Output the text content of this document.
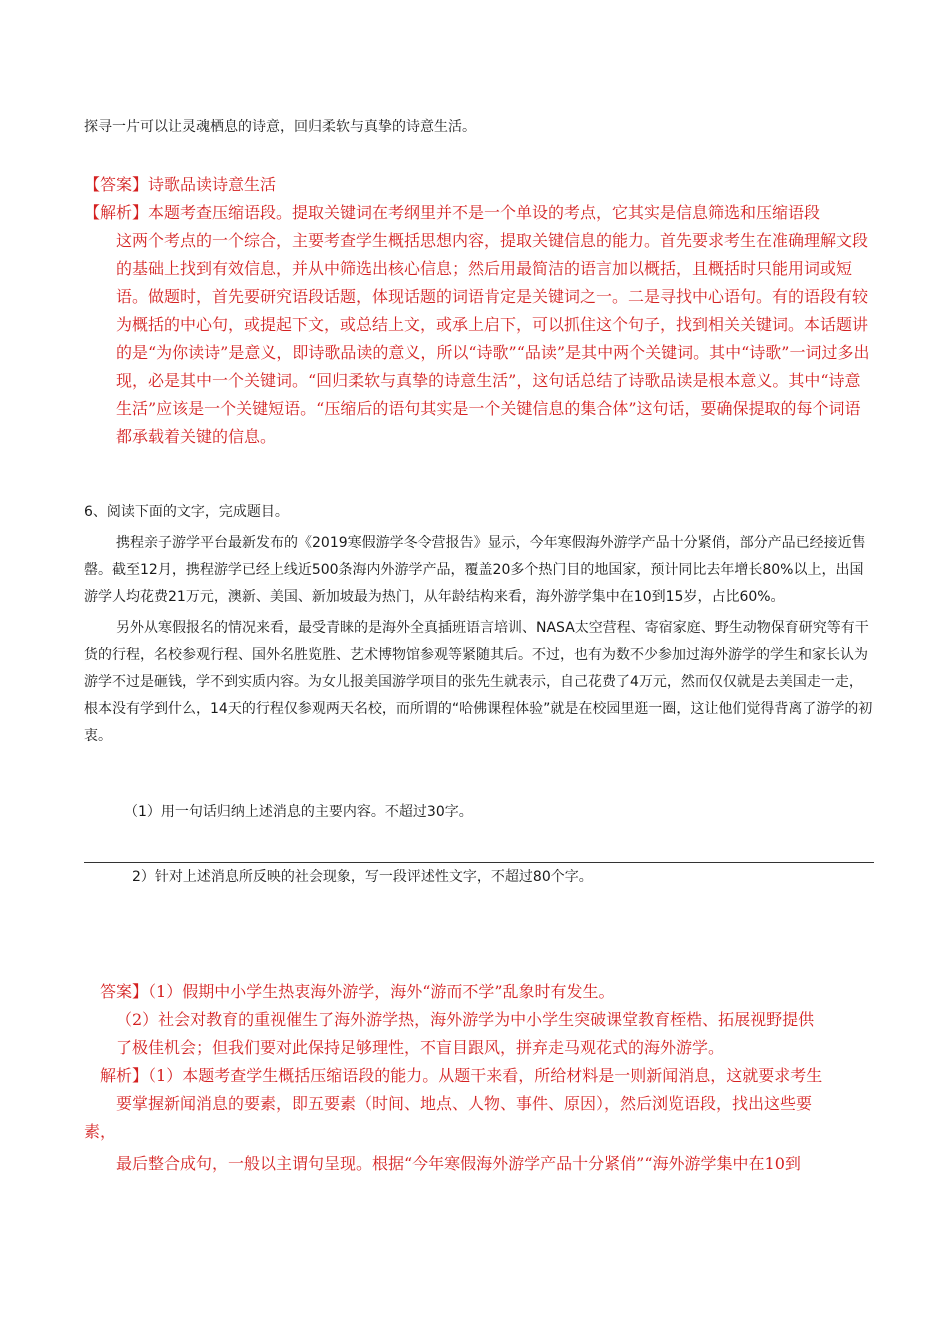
探寻一片可以让灵魂栖息的诗意，回归柔软与真挚的诗意生活。

【答案】诗歌品读诗意生活
【解析】本题考查压缩语段。提取关键词在考纲里并不是一个单设的考点，它其实是信息筛选和压缩语段
这两个考点的一个综合，主要考查学生概括思想内容，提取关键信息的能力。首先要求考生在准确理解文段的基础上找到有效信息，并从中筛选出核心信息；然后用最简洁的语言加以概括，且概括时只能用词或短语。做题时，首先要研究语段话题，体现话题的词语肯定是关键词之一。二是寻找中心语句。有的语段有较为概括的中心句，或提起下文，或总结上文，或承上启下，可以抓住这个句子，找到相关关键词。本话题讲的是“为你读诗”是意义，即诗歌品读的意义，所以“诗歌”“品读”是其中两个关键词。其中“诗歌”一词过多出现，必是其中一个关键词。“回归柔软与真挚的诗意生活”，这句话总结了诗歌品读是根本意义。其中“诗意生活”应该是一个关键短语。“压缩后的语句其实是一个关键信息的集合体”这句话，要确保提取的每个词语都承载着关键的信息。

6、阅读下面的文字，完成题目。

携程亲子游学平台最新发布的《2019寒假游学冬令营报告》显示，今年寒假海外游学产品十分紧俏，部分产品已经接近售罄。截至12月，携程游学已经上线近500条海内外游学产品，覆盖20多个热门目的地国家，预计同比去年增长80%以上，出国游学人均花费21万元，澳新、美国、新加坡最为热门，从年龄结构来看，海外游学集中在10到15岁，占比60%。

另外从寒假报名的情况来看，最受青睐的是海外全真插班语言培训、NASA太空营程、寄宿家庭、野生动物保育研究等有干货的行程，名校参观行程、国外名胜览胜、艺术博物馆参观等紧随其后。不过，也有为数不少参加过海外游学的学生和家长认为游学不过是砸钱，学不到实质内容。为女儿报美国游学项目的张先生就表示，自己花费了4万元，然而仅仅就是去美国走一走，根本没有学到什么，14天的行程仅参观两天名校，而所谓的“哈佛课程体验”就是在校园里逛一圈，这让他们觉得背离了游学的初衷。

（1）用一句话归纳上述消息的主要内容。不超过30字。

2）针对上述消息所反映的社会现象，写一段评述性文字，不超过80个字。

答案】（1）假期中小学生热衷海外游学，海外“游而不学”乱象时有发生。
（2）社会对教育的重视催生了海外游学热，海外游学为中小学生突破课堂教育桎梏、拓展视野提供
了极佳机会；但我们要对此保持足够理性，不盲目跟风，拼弃走马观花式的海外游学。
解析】（1）本题考查学生概括压缩语段的能力。从题干来看，所给材料是一则新闻消息，这就要求考生
要掌握新闻消息的要素，即五要素（时间、地点、人物、事件、原因），然后浏览语段，找出这些要
素，
最后整合成句，一般以主谓句呈现。根据“今年寒假海外游学产品十分紧俏”“海外游学集中在10到
